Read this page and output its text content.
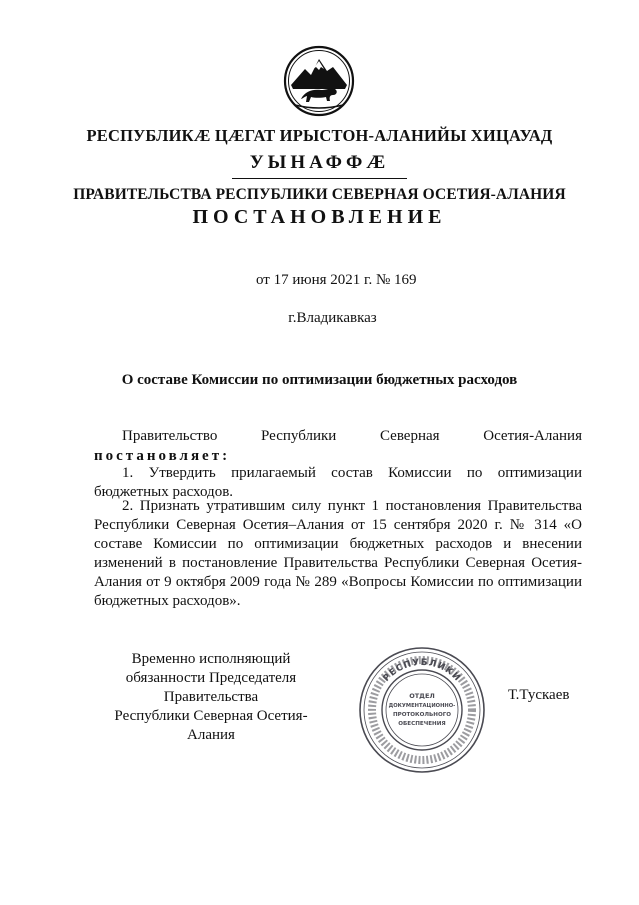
РЕСПУБЛИКӔ ЦӔГАТ ИРЫСТОН-АЛАНИЙЫ ХИЦАУАД
УЫНАФФӔ
ПРАВИТЕЛЬСТВА РЕСПУБЛИКИ СЕВЕРНАЯ ОСЕТИЯ-АЛАНИЯ
ПОСТАНОВЛЕНИЕ
от 17 июня 2021 г. № 169
г.Владикавказ
О составе Комиссии по оптимизации бюджетных расходов
Правительство	Республики	Северная	Осетия-Алания
постановляет:
1. Утвердить прилагаемый состав Комиссии по оптимизации бюджетных расходов.
2. Признать утратившим силу пункт 1 постановления Правительства Республики Северная Осетия–Алания от 15 сентября 2020 г. № 314 «О составе Комиссии по оптимизации бюджетных расходов и внесении изменений в постановление Правительства Республики Северная Осетия-Алания от 9 октября 2009 года № 289 «Вопросы Комиссии по оптимизации бюджетных расходов».
Временно исполняющий
обязанности Председателя Правительства
Республики Северная Осетия-Алания
РЕСПУБЛИКИ
ОТДЕЛ
ДОКУМЕНТАЦИОННО-
ПРОТОКОЛЬНОГО
ОБЕСПЕЧЕНИЯ
Т.Тускаев
